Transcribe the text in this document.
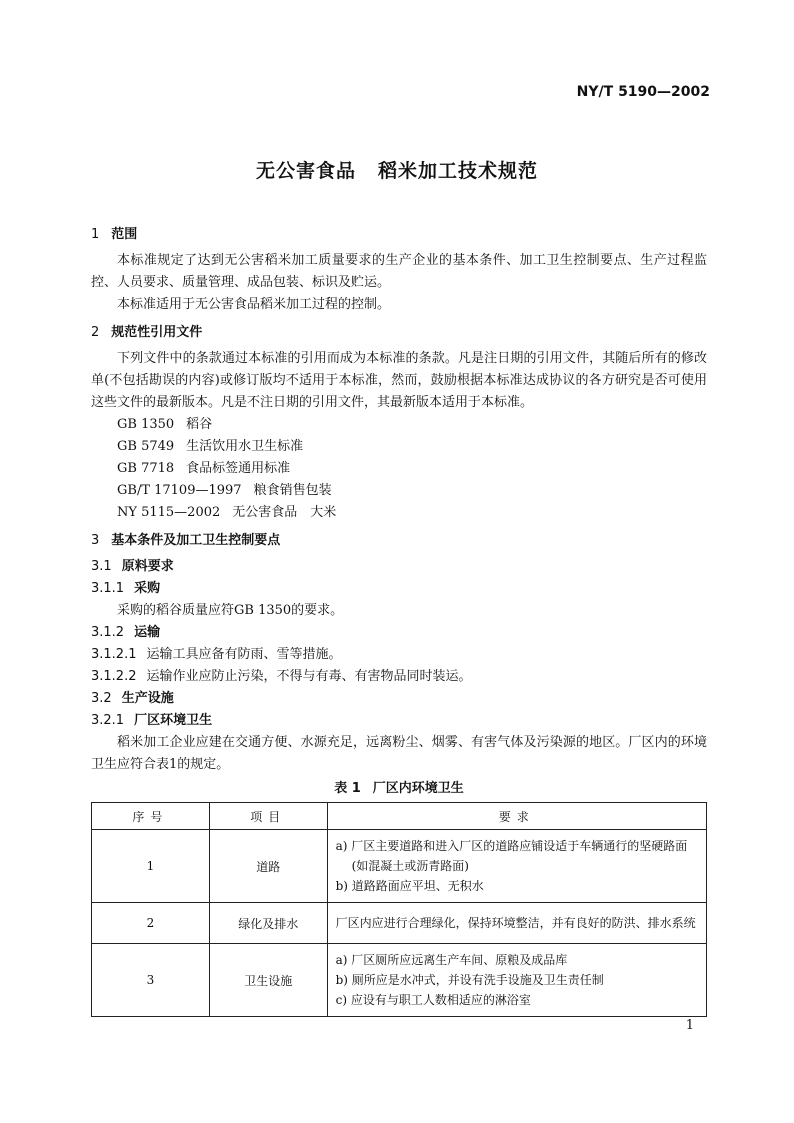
NY/T 5190—2002
无公害食品 稻米加工技术规范
1 范围

本标准规定了达到无公害稻米加工质量要求的生产企业的基本条件、加工卫生控制要点、生产过程监控、人员要求、质量管理、成品包装、标识及贮运。

本标准适用于无公害食品稻米加工过程的控制。

2 规范性引用文件

下列文件中的条款通过本标准的引用而成为本标准的条款。凡是注日期的引用文件，其随后所有的修改单(不包括勘误的内容)或修订版均不适用于本标准，然而，鼓励根据本标准达成协议的各方研究是否可使用这些文件的最新版本。凡是不注日期的引用文件，其最新版本适用于本标准。

GB 1350 稻谷
GB 5749 生活饮用水卫生标准
GB 7718 食品标签通用标准
GB/T 17109—1997 粮食销售包装
NY 5115—2002 无公害食品　大米
3 基本条件及加工卫生控制要点
3.1 原料要求
3.1.1 采购

采购的稻谷质量应符GB 1350的要求。

3.1.2 运输
3.1.2.1 运输工具应备有防雨、雪等措施。
3.1.2.2 运输作业应防止污染，不得与有毒、有害物品同时装运。
3.2 生产设施
3.2.1 厂区环境卫生

稻米加工企业应建在交通方便、水源充足，远离粉尘、烟雾、有害气体及污染源的地区。厂区内的环境卫生应符合表1的规定。

表 1 厂区内环境卫生
序号	项目	要求
1	道路	a) 厂区主要道路和进入厂区的道路应铺设适于车辆通行的坚硬路面
(如混凝土或沥青路面)
b) 道路路面应平坦、无积水

2	绿化及排水	厂区内应进行合理绿化，保持环境整洁，并有良好的防洪、排水系统

3	卫生设施	a) 厂区厕所应远离生产车间、原粮及成品库
b) 厕所应是水冲式，并设有洗手设施及卫生责任制
c) 应设有与职工人数相适应的淋浴室
1
